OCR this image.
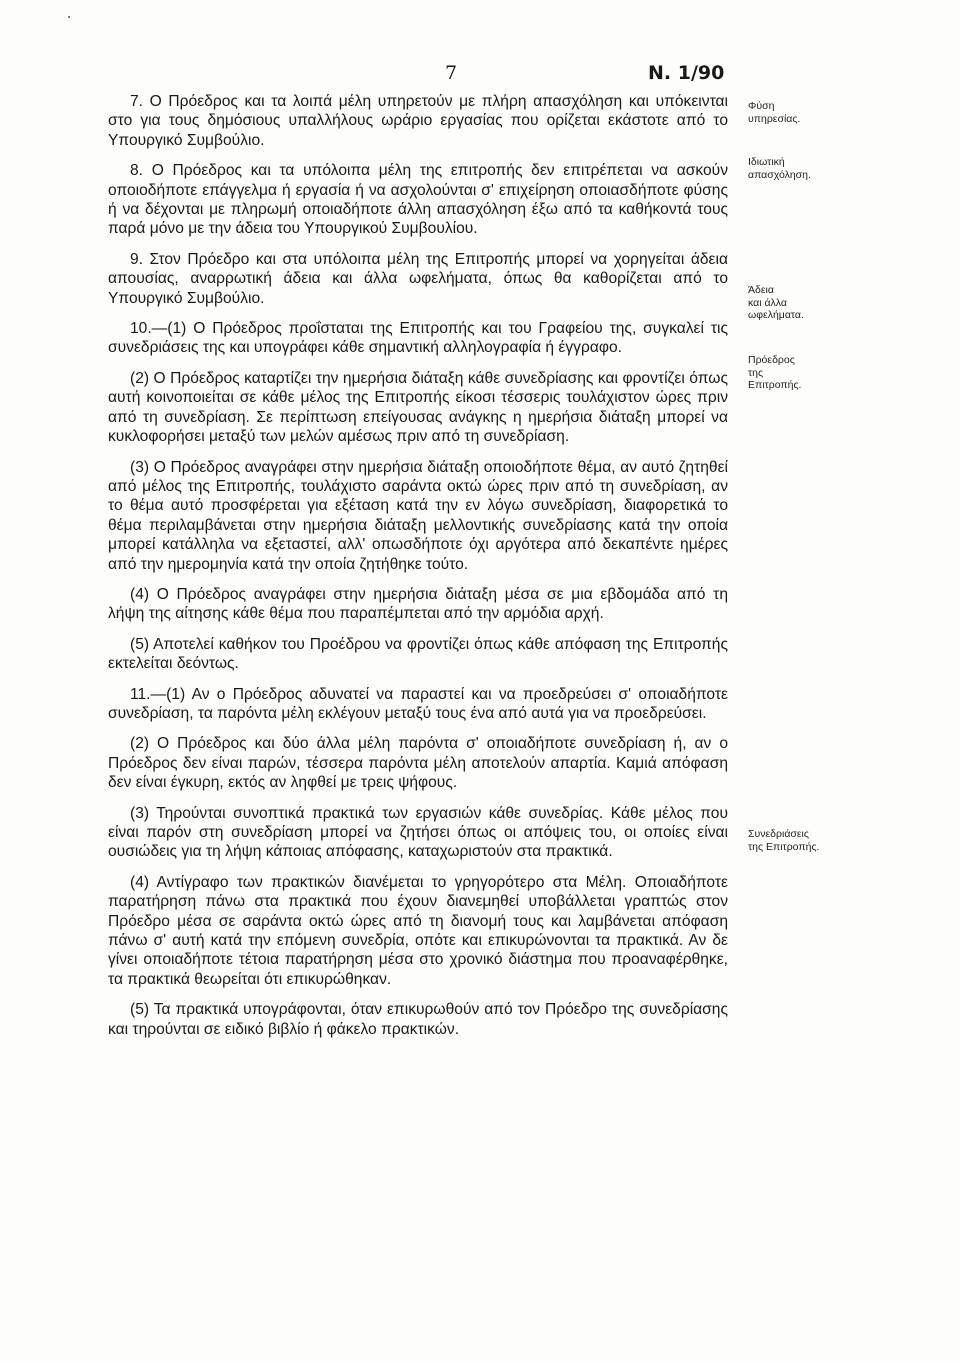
7	Ν. 1/90

7. Ο Πρόεδρος και τα λοιπά μέλη υπηρετούν με πλήρη απασχόληση και υπόκεινται στο για τους δημόσιους υπαλλήλους ωράριο εργασίας που ορίζεται εκάστοτε από το Υπουργικό Συμβούλιο.

8. Ο Πρόεδρος και τα υπόλοιπα μέλη της επιτροπής δεν επιτρέπεται να ασκούν οποιοδήποτε επάγγελμα ή εργασία ή να ασχολούνται σ' επιχείρηση οποιασδήποτε φύσης ή να δέχονται με πληρωμή οποιαδήποτε άλλη απασχόληση έξω από τα καθήκοντά τους παρά μόνο με την άδεια του Υπουργικού Συμβουλίου.

9. Στον Πρόεδρο και στα υπόλοιπα μέλη της Επιτροπής μπορεί να χορηγείται άδεια απουσίας, αναρρωτική άδεια και άλλα ωφελήματα, όπως θα καθορίζεται από το Υπουργικό Συμβούλιο.

10.—(1) Ο Πρόεδρος προΐσταται της Επιτροπής και του Γραφείου της, συγκαλεί τις συνεδριάσεις της και υπογράφει κάθε σημαντική αλληλογραφία ή έγγραφο.

(2) Ο Πρόεδρος καταρτίζει την ημερήσια διάταξη κάθε συνεδρίασης και φροντίζει όπως αυτή κοινοποιείται σε κάθε μέλος της Επιτροπής είκοσι τέσσερις τουλάχιστον ώρες πριν από τη συνεδρίαση. Σε περίπτωση επείγουσας ανάγκης η ημερήσια διάταξη μπορεί να κυκλοφορήσει μεταξύ των μελών αμέσως πριν από τη συνεδρίαση.

(3) Ο Πρόεδρος αναγράφει στην ημερήσια διάταξη οποιοδήποτε θέμα, αν αυτό ζητηθεί από μέλος της Επιτροπής, τουλάχιστο σαράντα οκτώ ώρες πριν από τη συνεδρίαση, αν το θέμα αυτό προσφέρεται για εξέταση κατά την εν λόγω συνεδρίαση, διαφορετικά το θέμα περιλαμβάνεται στην ημερήσια διάταξη μελλοντικής συνεδρίασης κατά την οποία μπορεί κατάλληλα να εξεταστεί, αλλ' οπωσδήποτε όχι αργότερα από δεκαπέντε ημέρες από την ημερομηνία κατά την οποία ζητήθηκε τούτο.

(4) Ο Πρόεδρος αναγράφει στην ημερήσια διάταξη μέσα σε μια εβδομάδα από τη λήψη της αίτησης κάθε θέμα που παραπέμπεται από την αρμόδια αρχή.

(5) Αποτελεί καθήκον του Προέδρου να φροντίζει όπως κάθε απόφαση της Επιτροπής εκτελείται δεόντως.

11.—(1) Αν ο Πρόεδρος αδυνατεί να παραστεί και να προεδρεύσει σ' οποιαδήποτε συνεδρίαση, τα παρόντα μέλη εκλέγουν μεταξύ τους ένα από αυτά για να προεδρεύσει.

(2) Ο Πρόεδρος και δύο άλλα μέλη παρόντα σ' οποιαδήποτε συνεδρίαση ή, αν ο Πρόεδρος δεν είναι παρών, τέσσερα παρόντα μέλη αποτελούν απαρτία. Καμιά απόφαση δεν είναι έγκυρη, εκτός αν ληφθεί με τρεις ψήφους.

(3) Τηρούνται συνοπτικά πρακτικά των εργασιών κάθε συνεδρίας. Κάθε μέλος που είναι παρόν στη συνεδρίαση μπορεί να ζητήσει όπως οι απόψεις του, οι οποίες είναι ουσιώδεις για τη λήψη κάποιας απόφασης, καταχωριστούν στα πρακτικά.

(4) Αντίγραφο των πρακτικών διανέμεται το γρηγορότερο στα Μέλη. Οποιαδήποτε παρατήρηση πάνω στα πρακτικά που έχουν διανεμηθεί υποβάλλεται γραπτώς στον Πρόεδρο μέσα σε σαράντα οκτώ ώρες από τη διανομή τους και λαμβάνεται απόφαση πάνω σ' αυτή κατά την επόμενη συνεδρία, οπότε και επικυρώνονται τα πρακτικά. Αν δε γίνει οποιαδήποτε τέτοια παρατήρηση μέσα στο χρονικό διάστημα που προαναφέρθηκε, τα πρακτικά θεωρείται ότι επικυρώθηκαν.

(5) Τα πρακτικά υπογράφονται, όταν επικυρωθούν από τον Πρόεδρο της συνεδρίασης και τηρούνται σε ειδικό βιβλίο ή φάκελο πρακτικών.

Φύση
υπηρεσίας.
Ιδιωτική
απασχόληση.
Άδεια
και άλλα
ωφελήματα.
Πρόεδρος
της
Επιτροπής.
Συνεδριάσεις
της Επιτροπής.
